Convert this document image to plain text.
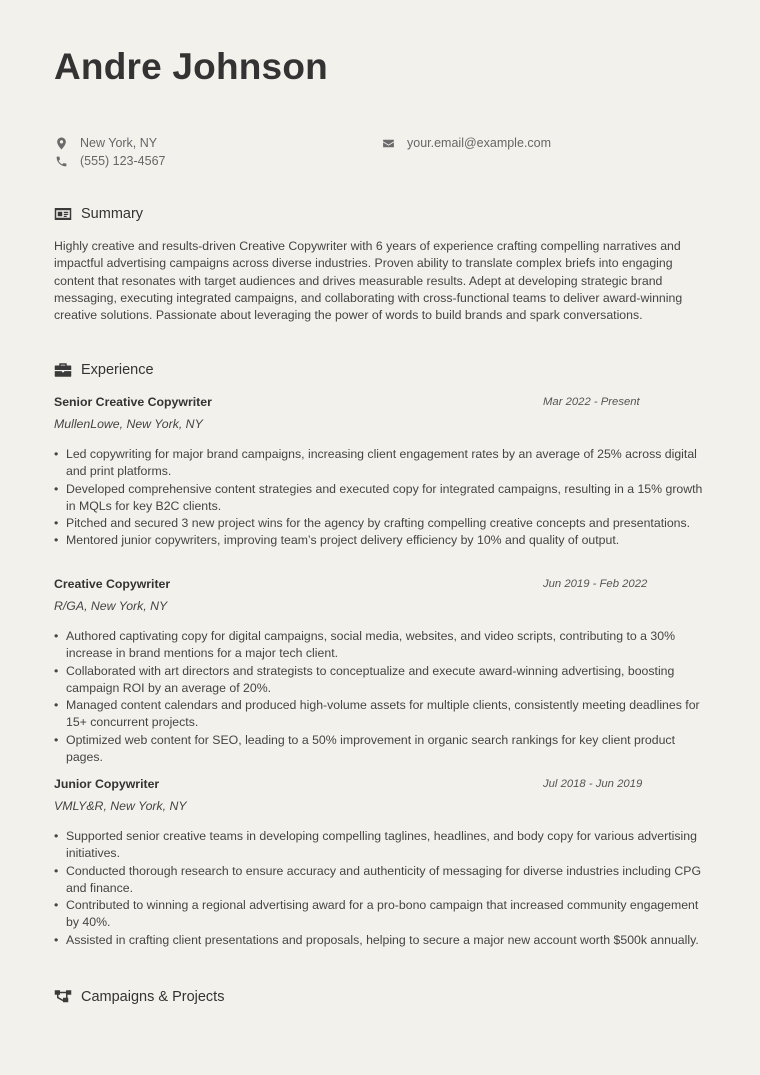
Andre Johnson
New York, NY
(555) 123-4567
your.email@example.com
Summary

Highly creative and results-driven Creative Copywriter with 6 years of experience crafting compelling narratives and impactful advertising campaigns across diverse industries. Proven ability to translate complex briefs into engaging content that resonates with target audiences and drives measurable results. Adept at developing strategic brand messaging, executing integrated campaigns, and collaborating with cross-functional teams to deliver award-winning creative solutions. Passionate about leveraging the power of words to build brands and spark conversations.

Experience
Senior Creative Copywriter	Mar 2022 - Present
MullenLowe, New York, NY
• Led copywriting for major brand campaigns, increasing client engagement rates by an average of 25% across digital and print platforms.
• Developed comprehensive content strategies and executed copy for integrated campaigns, resulting in a 15% growth in MQLs for key B2C clients.
• Pitched and secured 3 new project wins for the agency by crafting compelling creative concepts and presentations.
• Mentored junior copywriters, improving team’s project delivery efficiency by 10% and quality of output.
Creative Copywriter	Jun 2019 - Feb 2022
R/GA, New York, NY
• Authored captivating copy for digital campaigns, social media, websites, and video scripts, contributing to a 30% increase in brand mentions for a major tech client.
• Collaborated with art directors and strategists to conceptualize and execute award-winning advertising, boosting campaign ROI by an average of 20%.
• Managed content calendars and produced high-volume assets for multiple clients, consistently meeting deadlines for 15+ concurrent projects.
• Optimized web content for SEO, leading to a 50% improvement in organic search rankings for key client product pages.
Junior Copywriter	Jul 2018 - Jun 2019
VMLY&R, New York, NY
• Supported senior creative teams in developing compelling taglines, headlines, and body copy for various advertising initiatives.
• Conducted thorough research to ensure accuracy and authenticity of messaging for diverse industries including CPG and finance.
• Contributed to winning a regional advertising award for a pro-bono campaign that increased community engagement by 40%.
• Assisted in crafting client presentations and proposals, helping to secure a major new account worth $500k annually.
Campaigns & Projects
